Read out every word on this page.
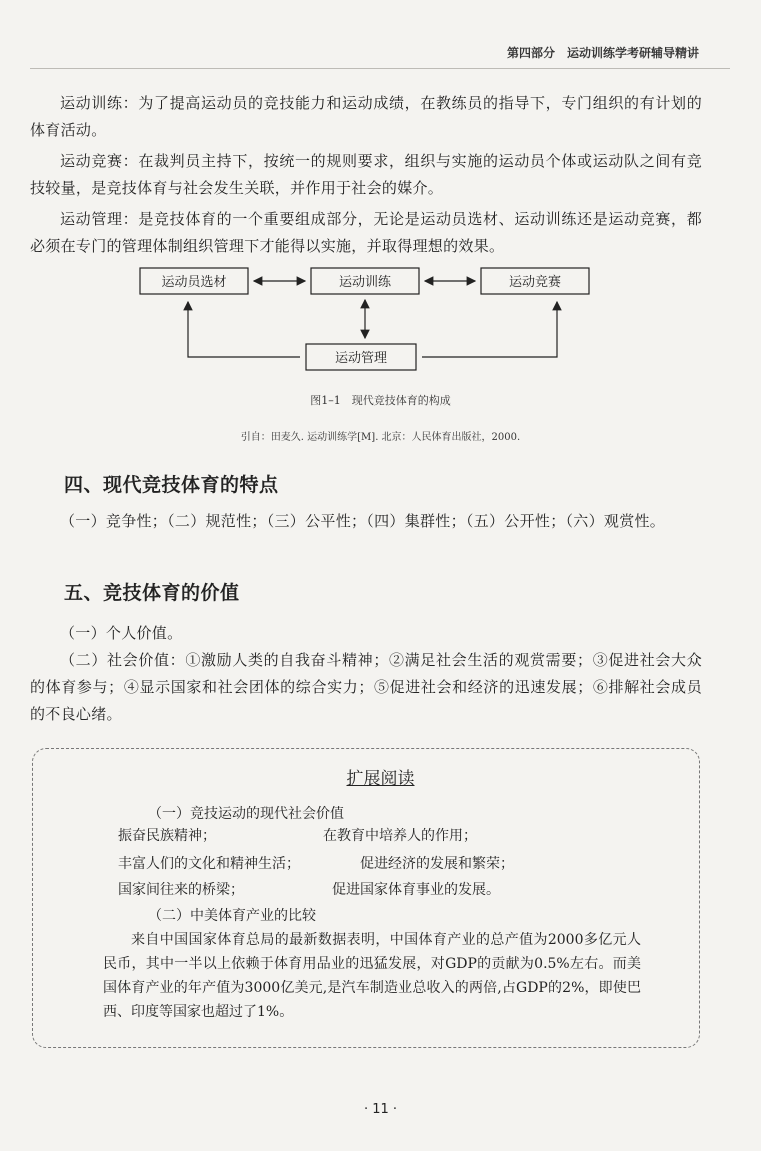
第四部分　运动训练学考研辅导精讲

运动训练：为了提高运动员的竞技能力和运动成绩，在教练员的指导下，专门组织的有计划的体育活动。

运动竞赛：在裁判员主持下，按统一的规则要求，组织与实施的运动员个体或运动队之间有竞技较量，是竞技体育与社会发生关联，并作用于社会的媒介。

运动管理：是竞技体育的一个重要组成部分，无论是运动员选材、运动训练还是运动竞赛，都必须在专门的管理体制组织管理下才能得以实施，并取得理想的效果。

运动员选材	运动训练	运动竞赛
运动管理
图1–1　现代竞技体育的构成
引自：田麦久. 运动训练学[M]. 北京：人民体育出版社，2000.
四、现代竞技体育的特点

（一）竞争性；（二）规范性；（三）公平性；（四）集群性；（五）公开性；（六）观赏性。

五、竞技体育的价值

（一）个人价值。

（二）社会价值：①激励人类的自我奋斗精神；②满足社会生活的观赏需要；③促进社会大众的体育参与；④显示国家和社会团体的综合实力；⑤促进社会和经济的迅速发展；⑥排解社会成员的不良心绪。

扩展阅读

（一）竞技运动的现代社会价值

振奋民族精神；	在教育中培养人的作用；

丰富人们的文化和精神生活；	促进经济的发展和繁荣；

国家间往来的桥梁；	促进国家体育事业的发展。

（二）中美体育产业的比较

来自中国国家体育总局的最新数据表明，中国体育产业的总产值为2000多亿元人民币，其中一半以上依赖于体育用品业的迅猛发展，对GDP的贡献为0.5%左右。而美国体育产业的年产值为3000亿美元,是汽车制造业总收入的两倍,占GDP的2%，即使巴西、印度等国家也超过了1%。

· 11 ·
